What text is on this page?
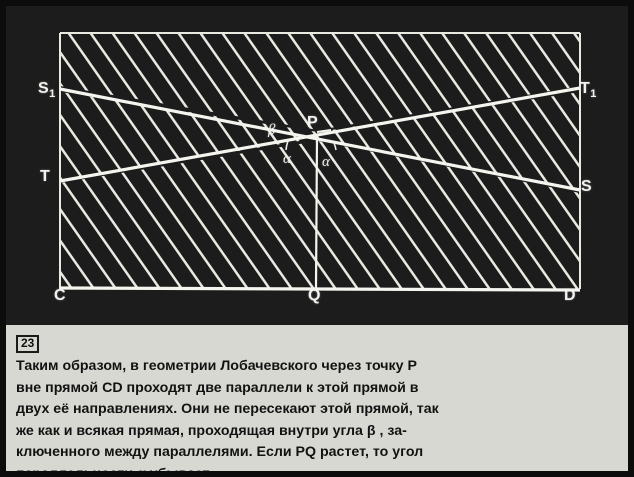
$S_1$	$T_1$
T
S
P
C	Q	D
β
α α
23
Таким образом, в геометрии Лобачевского через точку P
вне прямой CD проходят две параллели к этой прямой в
двух её направлениях. Они не пересекают этой прямой, так
же как и всякая прямая, проходящая внутри угла β , за-
ключенного между параллелями. Если PQ растет, то угол
